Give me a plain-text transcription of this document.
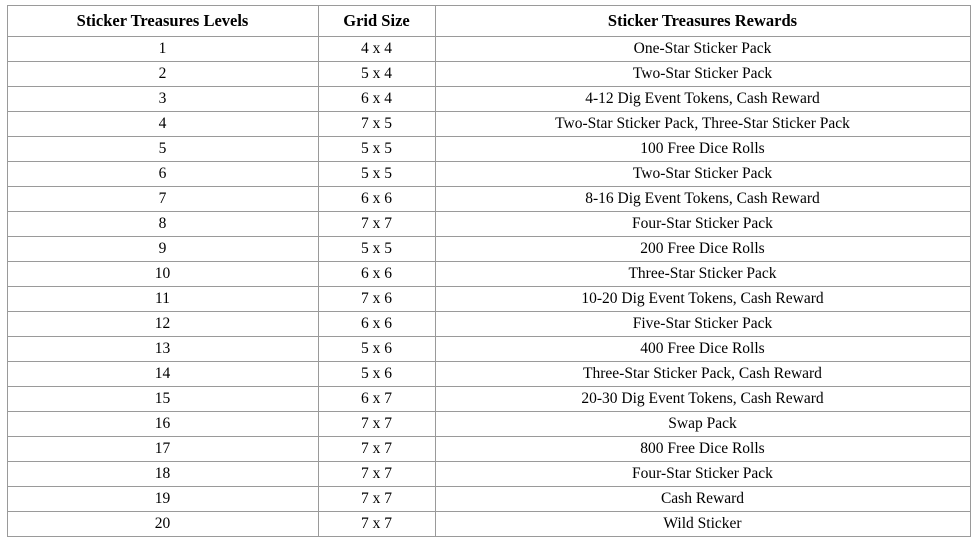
Sticker Treasures Levels	Grid Size	Sticker Treasures Rewards
1	4 x 4	One-Star Sticker Pack
2	5 x 4	Two-Star Sticker Pack
3	6 x 4	4-12 Dig Event Tokens, Cash Reward
4	7 x 5	Two-Star Sticker Pack, Three-Star Sticker Pack
5	5 x 5	100 Free Dice Rolls
6	5 x 5	Two-Star Sticker Pack
7	6 x 6	8-16 Dig Event Tokens, Cash Reward
8	7 x 7	Four-Star Sticker Pack
9	5 x 5	200 Free Dice Rolls
10	6 x 6	Three-Star Sticker Pack
11	7 x 6	10-20 Dig Event Tokens, Cash Reward
12	6 x 6	Five-Star Sticker Pack
13	5 x 6	400 Free Dice Rolls
14	5 x 6	Three-Star Sticker Pack, Cash Reward
15	6 x 7	20-30 Dig Event Tokens, Cash Reward
16	7 x 7	Swap Pack
17	7 x 7	800 Free Dice Rolls
18	7 x 7	Four-Star Sticker Pack
19	7 x 7	Cash Reward
20	7 x 7	Wild Sticker
